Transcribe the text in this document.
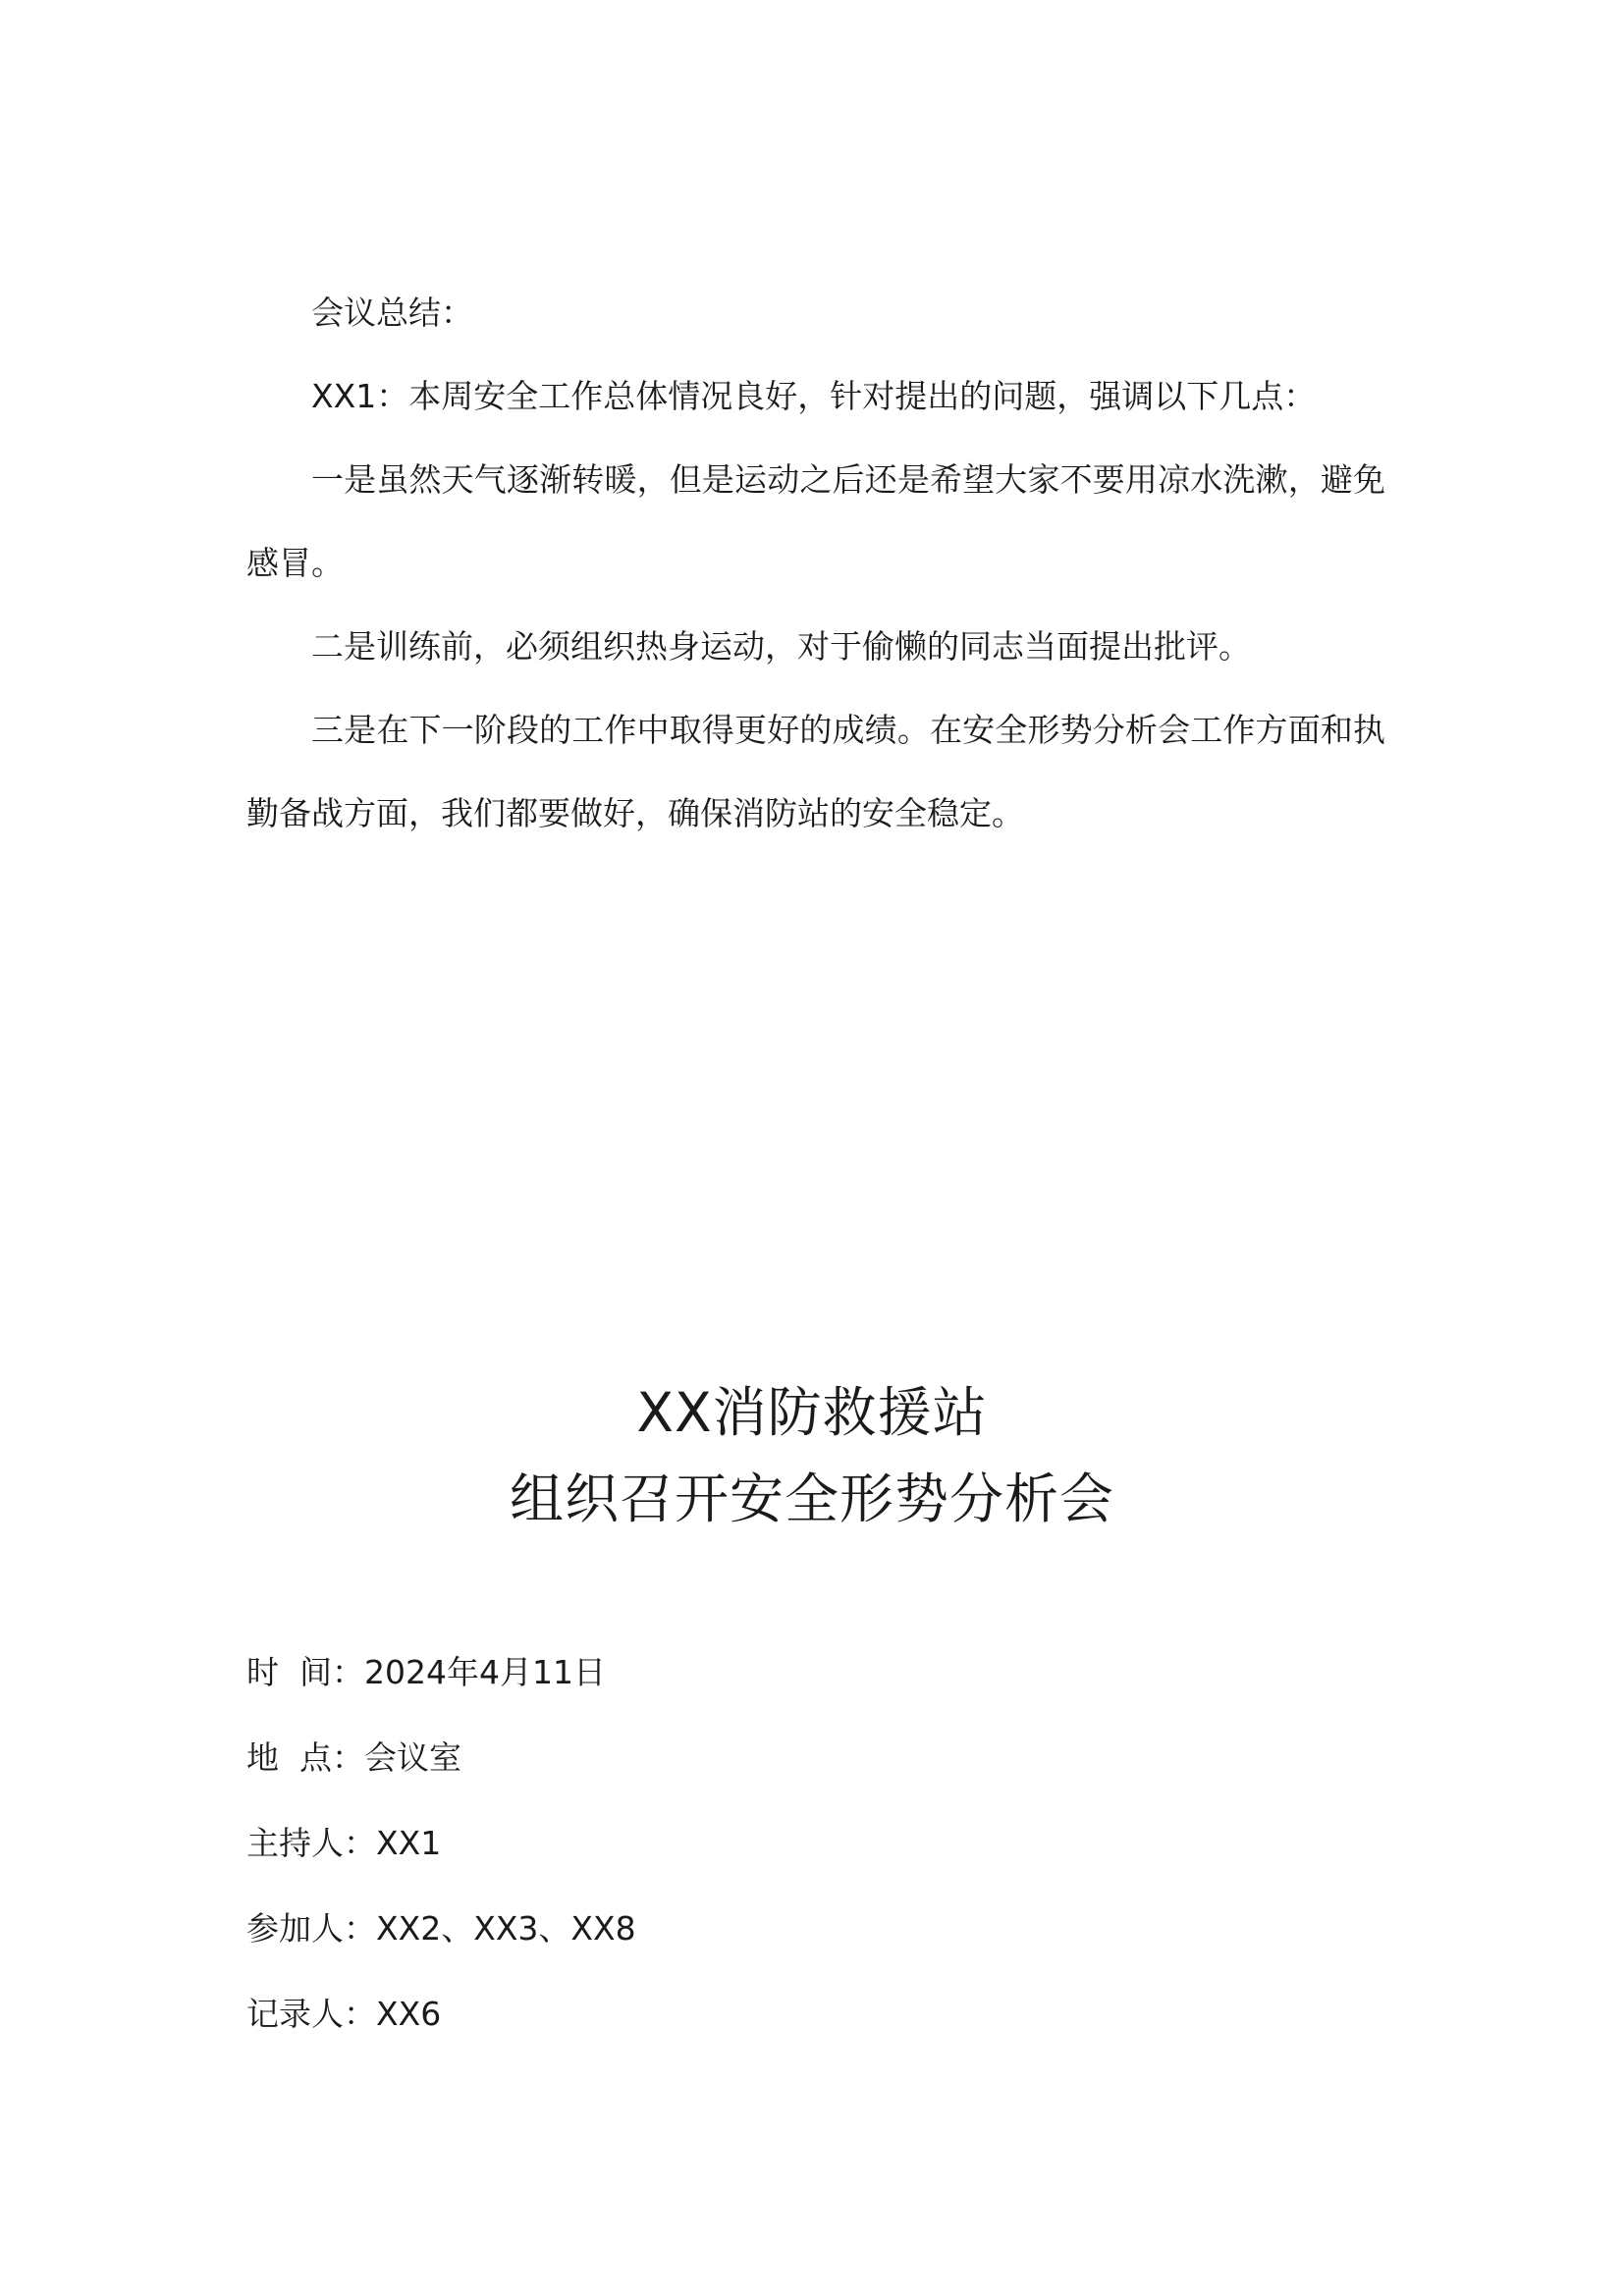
会议总结：

XX1：本周安全工作总体情况良好，针对提出的问题，强调以下几点：

一是虽然天气逐渐转暖，但是运动之后还是希望大家不要用凉水洗漱，避免感冒。

二是训练前，必须组织热身运动，对于偷懒的同志当面提出批评。

三是在下一阶段的工作中取得更好的成绩。在安全形势分析会工作方面和执勤备战方面，我们都要做好，确保消防站的安全稳定。

XX消防救援站
组织召开安全形势分析会
时  间：2024年4月11日
地  点：会议室
主持人：XX1
参加人：XX2、XX3、XX8
记录人：XX6
